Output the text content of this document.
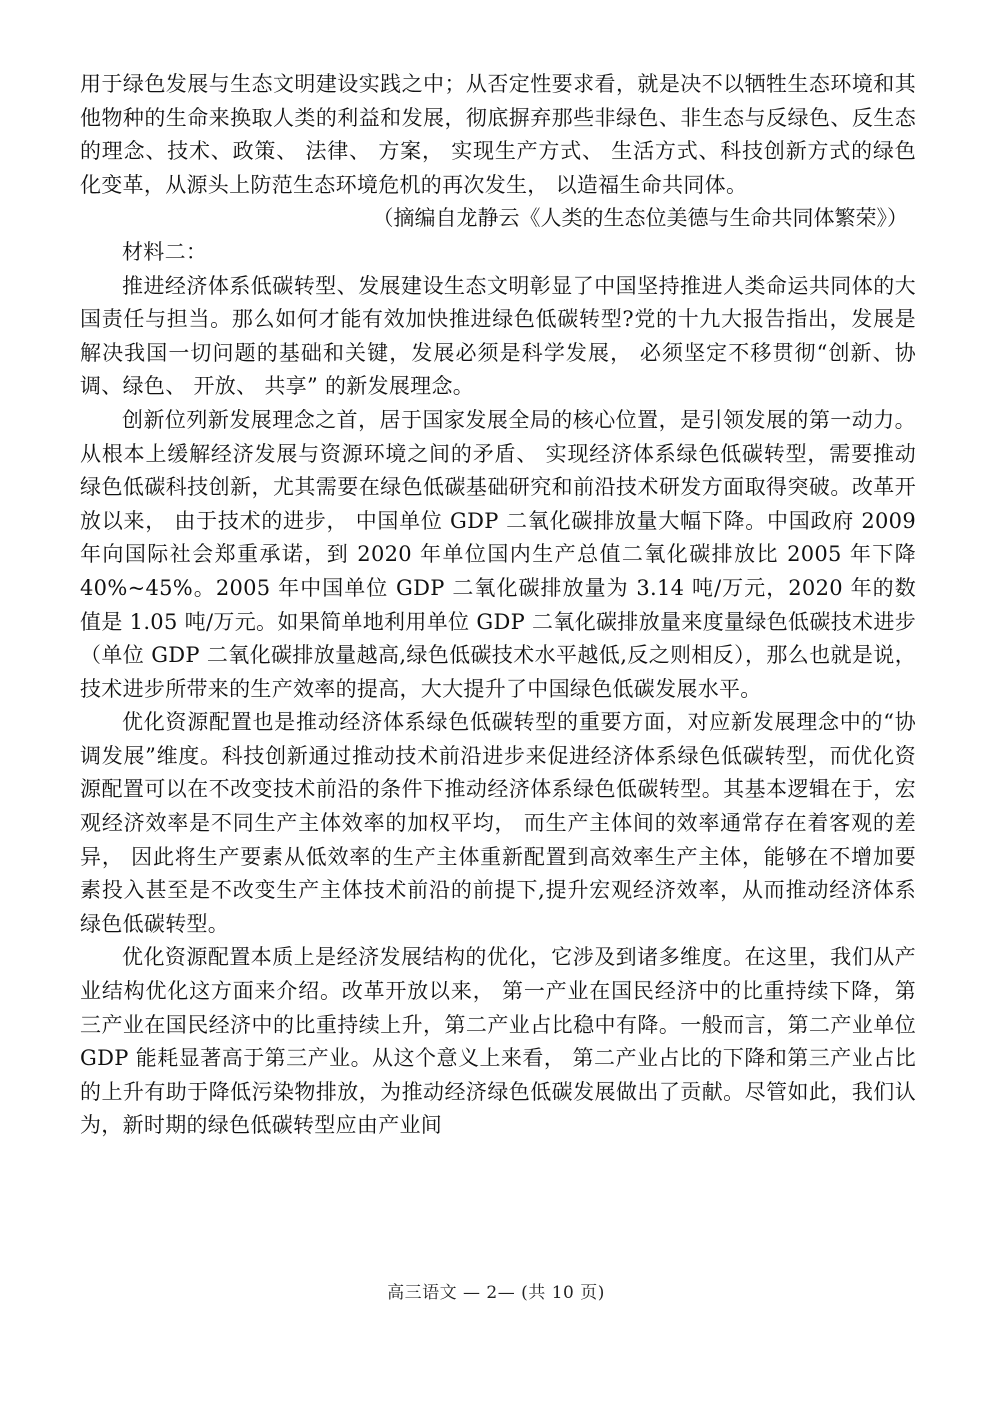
用于绿色发展与生态文明建设实践之中；从否定性要求看，就是决不以牺牲生态环境和其他物种的生命来换取人类的利益和发展，彻底摒弃那些非绿色、非生态与反绿色、反生态的理念、技术、政策、 法律、 方案， 实现生产方式、 生活方式、科技创新方式的绿色化变革，从源头上防范生态环境危机的再次发生， 以造福生命共同体。

（摘编自龙静云《人类的生态位美德与生命共同体繁荣》）

材料二：

推进经济体系低碳转型、发展建设生态文明彰显了中国坚持推进人类命运共同体的大国责任与担当。那么如何才能有效加快推进绿色低碳转型?党的十九大报告指出，发展是解决我国一切问题的基础和关键，发展必须是科学发展， 必须坚定不移贯彻“创新、协调、绿色、 开放、 共享” 的新发展理念。

创新位列新发展理念之首，居于国家发展全局的核心位置，是引领发展的第一动力。从根本上缓解经济发展与资源环境之间的矛盾、 实现经济体系绿色低碳转型，需要推动绿色低碳科技创新，尤其需要在绿色低碳基础研究和前沿技术研发方面取得突破。改革开放以来， 由于技术的进步， 中国单位 GDP 二氧化碳排放量大幅下降。中国政府 2009 年向国际社会郑重承诺，到 2020 年单位国内生产总值二氧化碳排放比 2005 年下降 40%~45%。2005 年中国单位 GDP 二氧化碳排放量为 3.14 吨/万元，2020 年的数值是 1.05 吨/万元。如果简单地利用单位 GDP 二氧化碳排放量来度量绿色低碳技术进步（单位 GDP 二氧化碳排放量越高,绿色低碳技术水平越低,反之则相反），那么也就是说，技术进步所带来的生产效率的提高，大大提升了中国绿色低碳发展水平。

优化资源配置也是推动经济体系绿色低碳转型的重要方面，对应新发展理念中的“协调发展”维度。科技创新通过推动技术前沿进步来促进经济体系绿色低碳转型，而优化资源配置可以在不改变技术前沿的条件下推动经济体系绿色低碳转型。其基本逻辑在于，宏观经济效率是不同生产主体效率的加权平均， 而生产主体间的效率通常存在着客观的差异， 因此将生产要素从低效率的生产主体重新配置到高效率生产主体，能够在不增加要素投入甚至是不改变生产主体技术前沿的前提下,提升宏观经济效率，从而推动经济体系绿色低碳转型。

优化资源配置本质上是经济发展结构的优化，它涉及到诸多维度。在这里，我们从产业结构优化这方面来介绍。改革开放以来， 第一产业在国民经济中的比重持续下降，第三产业在国民经济中的比重持续上升，第二产业占比稳中有降。一般而言，第二产业单位 GDP 能耗显著高于第三产业。从这个意义上来看， 第二产业占比的下降和第三产业占比的上升有助于降低污染物排放，为推动经济绿色低碳发展做出了贡献。尽管如此，我们认为，新时期的绿色低碳转型应由产业间

高三语文 — 2— (共 10 页)
